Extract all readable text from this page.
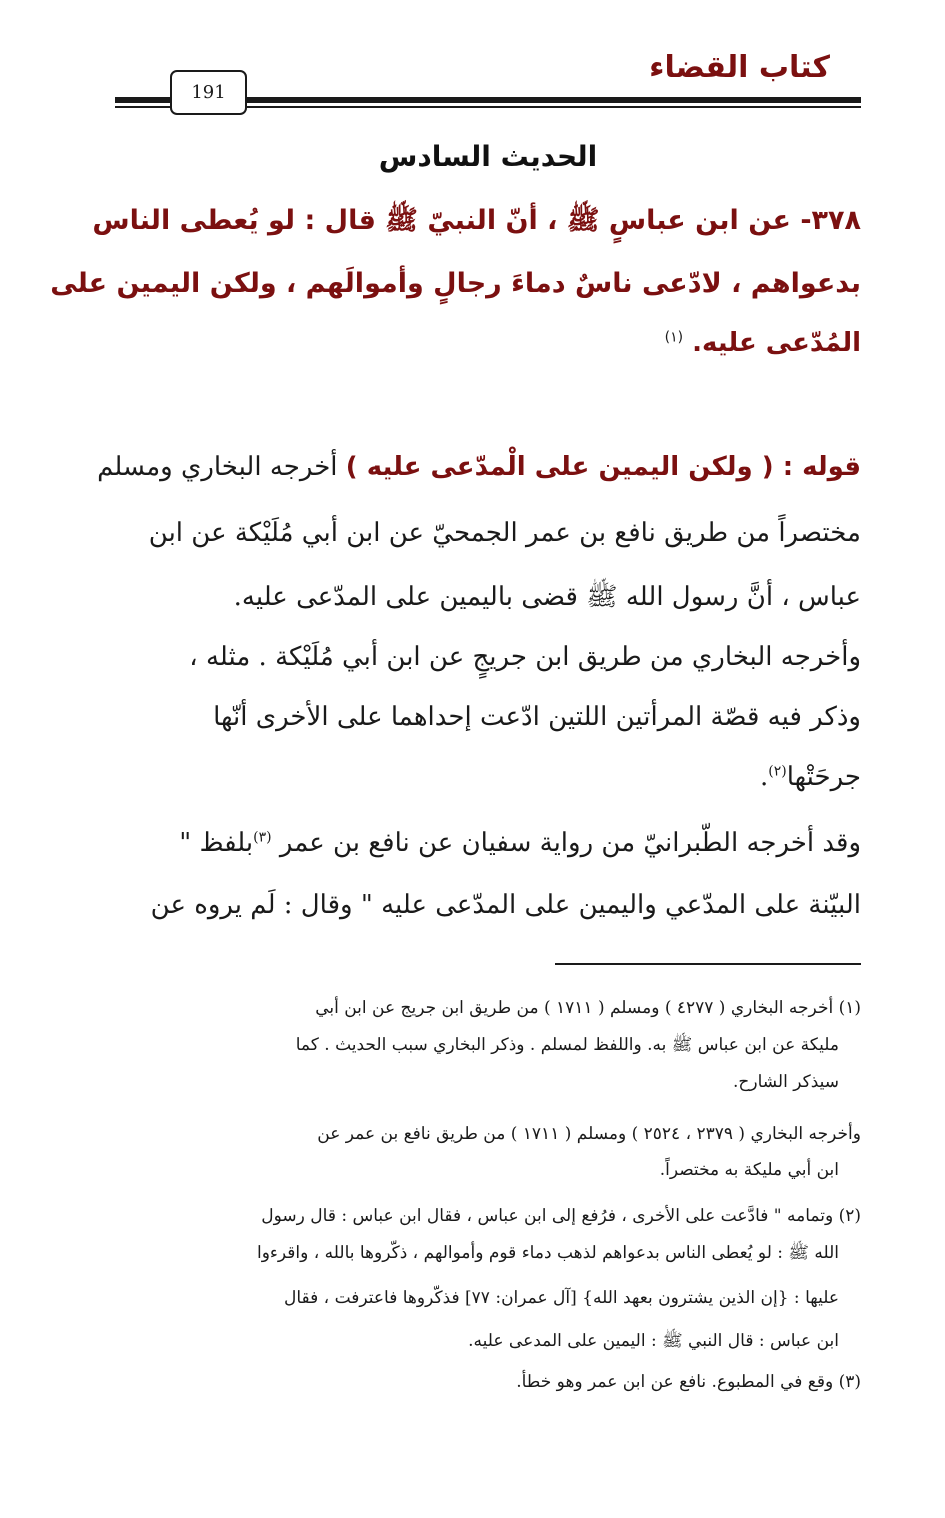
كتاب القضاء
191
الحديث السادس
٣٧٨- عن ابن عباسٍ ﷺ ، أنّ النبيّ ﷺ قال : لو يُعطى الناس
بدعواهم ، لادّعى ناسٌ دماءَ رجالٍ وأموالَهم ، ولكن اليمين على
المُدّعى عليه. $^{(١)}$
قوله : ( ولكن اليمين على الْمدّعى عليه ) أخرجه البخاري ومسلم
مختصراً من طريق نافع بن عمر الجمحيّ عن ابن أبي مُلَيْكة عن ابن
عباس ، أنَّ رسول الله ﷺ قضى باليمين على المدّعى عليه.
وأخرجه البخاري من طريق ابن جريجٍ عن ابن أبي مُلَيْكة . مثله ،
وذكر فيه قصّة المرأتين اللتين ادّعت إحداهما على الأخرى أنّها
جرحَتْها$^{(٢)}$.
وقد أخرجه الطّبرانيّ من رواية سفيان عن نافع بن عمر $^{(٣)}$بلفظ "
البيّنة على المدّعي واليمين على المدّعى عليه " وقال : لَم يروه عن
(١) أخرجه البخاري ( ٤٢٧٧ ) ومسلم ( ١٧١١ ) من طريق ابن جريج عن ابن أبي
مليكة عن ابن عباس ﷺ به. واللفظ لمسلم . وذكر البخاري سبب الحديث . كما
سيذكر الشارح.
وأخرجه البخاري ( ٢٣٧٩ ، ٢٥٢٤ ) ومسلم ( ١٧١١ ) من طريق نافع بن عمر عن
ابن أبي مليكة به مختصراً.
(٢) وتمامه " فادَّعت على الأخرى ، فرُفع إلى ابن عباس ، فقال ابن عباس : قال رسول
الله ﷺ : لو يُعطى الناس بدعواهم لذهب دماء قوم وأموالهم ، ذكّروها بالله ، واقرءوا
عليها : {إن الذين يشترون بعهد الله} [آل عمران: ٧٧] فذكّروها فاعترفت ، فقال
ابن عباس : قال النبي ﷺ : اليمين على المدعى عليه.
(٣) وقع في المطبوع. نافع عن ابن عمر وهو خطأ.
